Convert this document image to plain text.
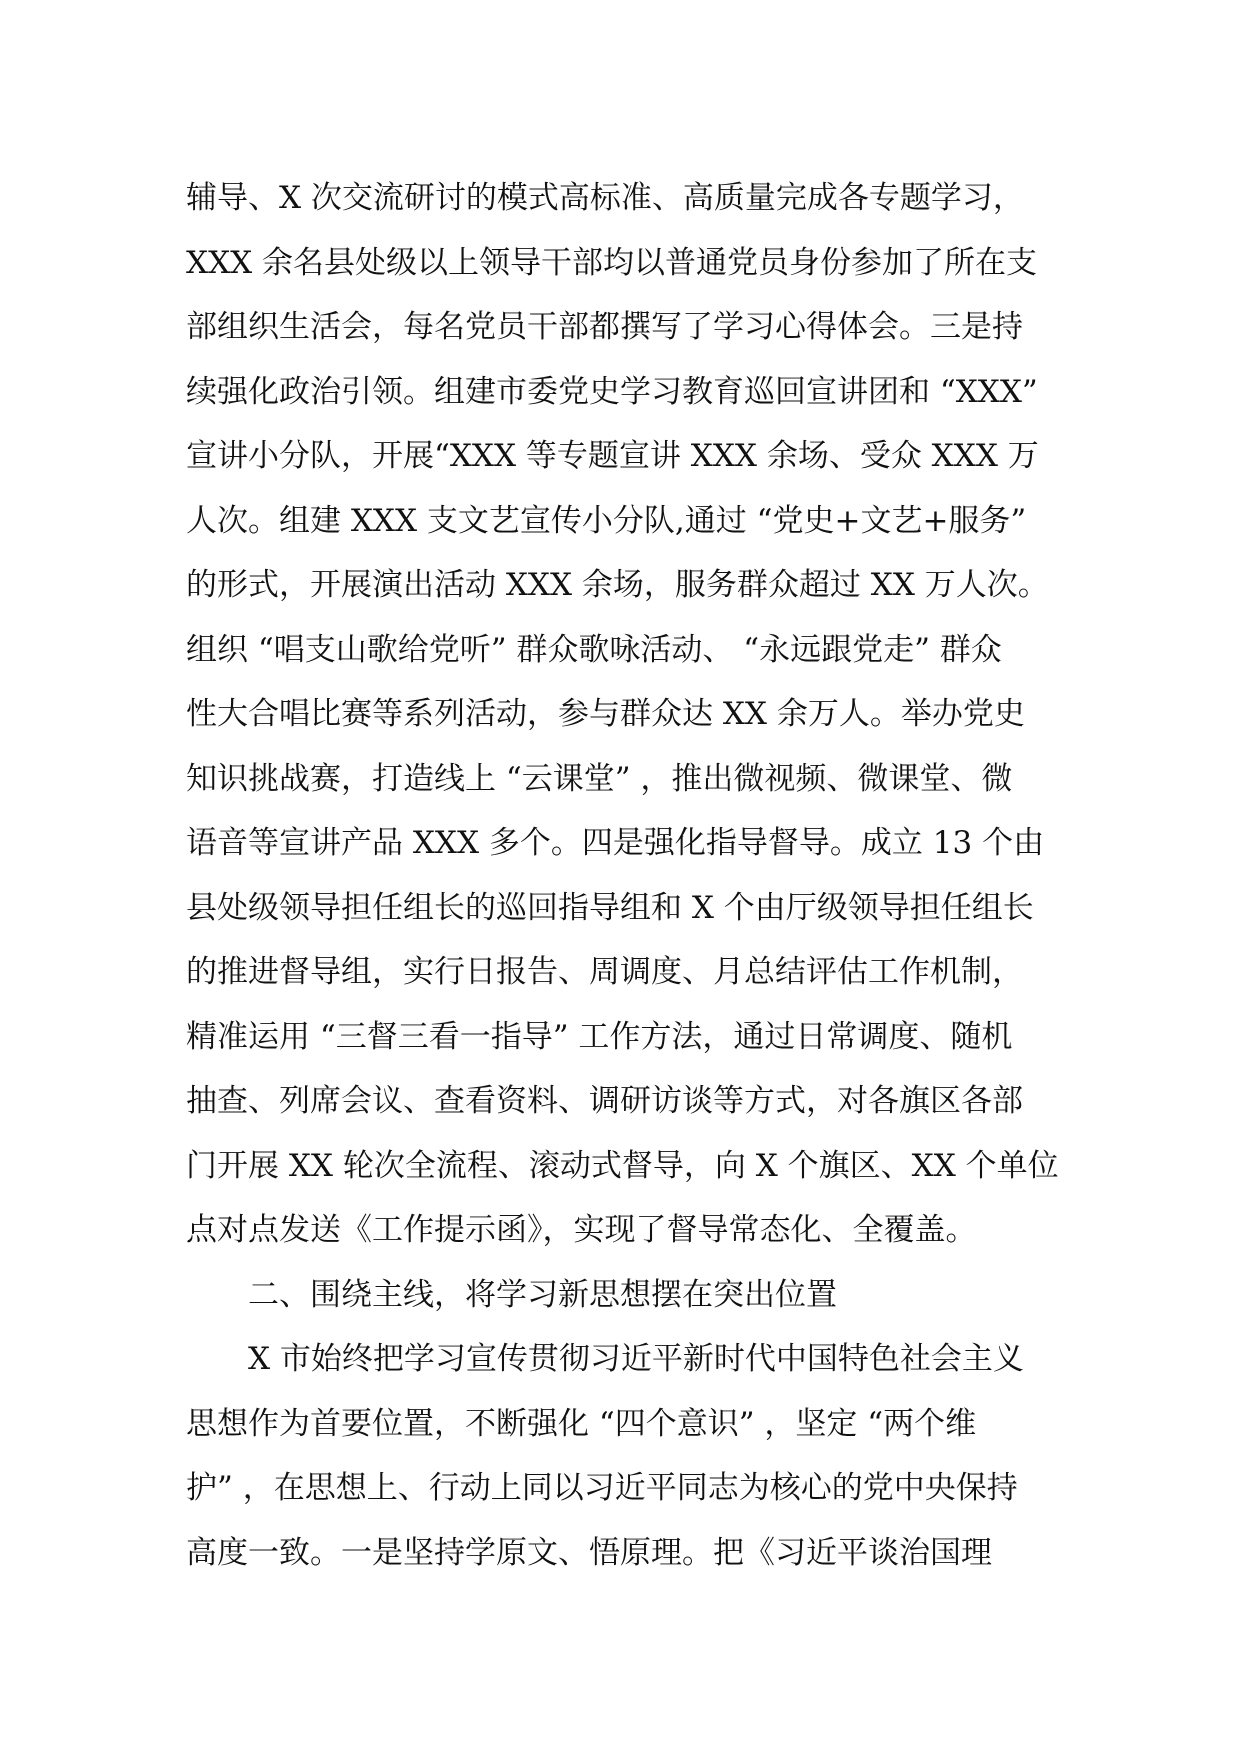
辅导、X 次交流研讨的模式高标准、高质量完成各专题学习，
XXX 余名县处级以上领导干部均以普通党员身份参加了所在支
部组织生活会，每名党员干部都撰写了学习心得体会。三是持
续强化政治引领。组建市委党史学习教育巡回宣讲团和 “XXX”
宣讲小分队，开展“XXX 等专题宣讲 XXX 余场、受众 XXX 万
人次。组建 XXX 支文艺宣传小分队,通过 “党史+文艺+服务”
的形式，开展演出活动 XXX 余场，服务群众超过 XX 万人次。
组织 “唱支山歌给党听” 群众歌咏活动、 “永远跟党走” 群众
性大合唱比赛等系列活动，参与群众达 XX 余万人。举办党史
知识挑战赛，打造线上 “云课堂” ，推出微视频、微课堂、微
语音等宣讲产品 XXX 多个。四是强化指导督导。成立 13 个由
县处级领导担任组长的巡回指导组和 X 个由厅级领导担任组长
的推进督导组，实行日报告、周调度、月总结评估工作机制，
精准运用 “三督三看一指导” 工作方法，通过日常调度、随机
抽查、列席会议、查看资料、调研访谈等方式，对各旗区各部
门开展 XX 轮次全流程、滚动式督导，向 X 个旗区、XX 个单位
点对点发送《工作提示函》，实现了督导常态化、全覆盖。
二、围绕主线，将学习新思想摆在突出位置
X 市始终把学习宣传贯彻习近平新时代中国特色社会主义
思想作为首要位置，不断强化 “四个意识” ，坚定 “两个维
护” ，在思想上、行动上同以习近平同志为核心的党中央保持
高度一致。一是坚持学原文、悟原理。把《习近平谈治国理
